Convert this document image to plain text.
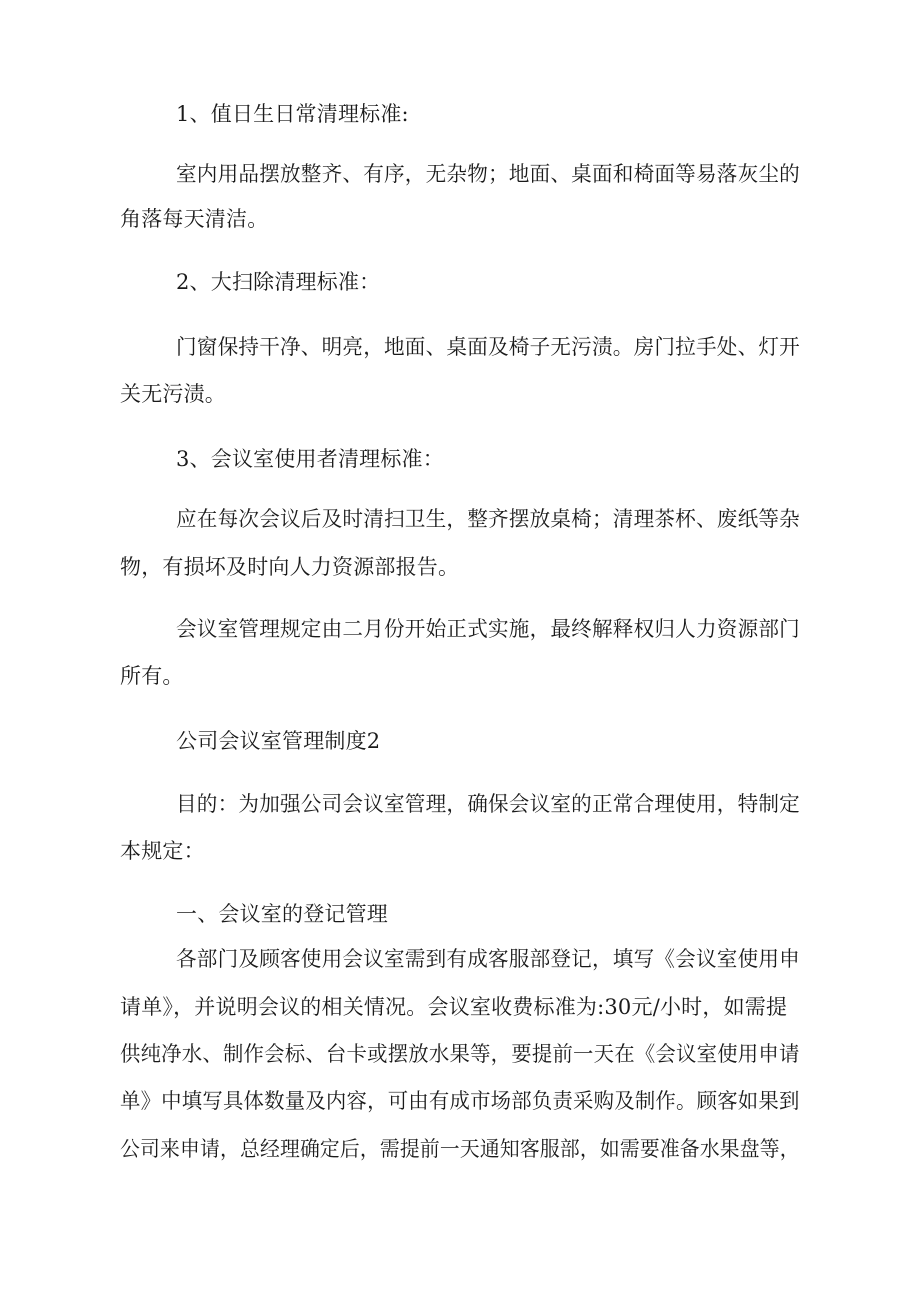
1、值日生日常清理标准:

室内用品摆放整齐、有序，无杂物；地面、桌面和椅面等易落灰尘的

角落每天清洁。

2、大扫除清理标准：

门窗保持干净、明亮，地面、桌面及椅子无污渍。房门拉手处、灯开

关无污渍。

3、会议室使用者清理标准：

应在每次会议后及时清扫卫生，整齐摆放桌椅；清理茶杯、废纸等杂

物，有损坏及时向人力资源部报告。

会议室管理规定由二月份开始正式实施，最终解释权归人力资源部门

所有。

公司会议室管理制度2

目的：为加强公司会议室管理，确保会议室的正常合理使用，特制定

本规定：

一、会议室的登记管理

各部门及顾客使用会议室需到有成客服部登记，填写《会议室使用申

请单》，并说明会议的相关情况。会议室收费标准为:30元/小时，如需提

供纯净水、制作会标、台卡或摆放水果等，要提前一天在《会议室使用申请

单》中填写具体数量及内容，可由有成市场部负责采购及制作。顾客如果到

公司来申请，总经理确定后，需提前一天通知客服部，如需要准备水果盘等，
